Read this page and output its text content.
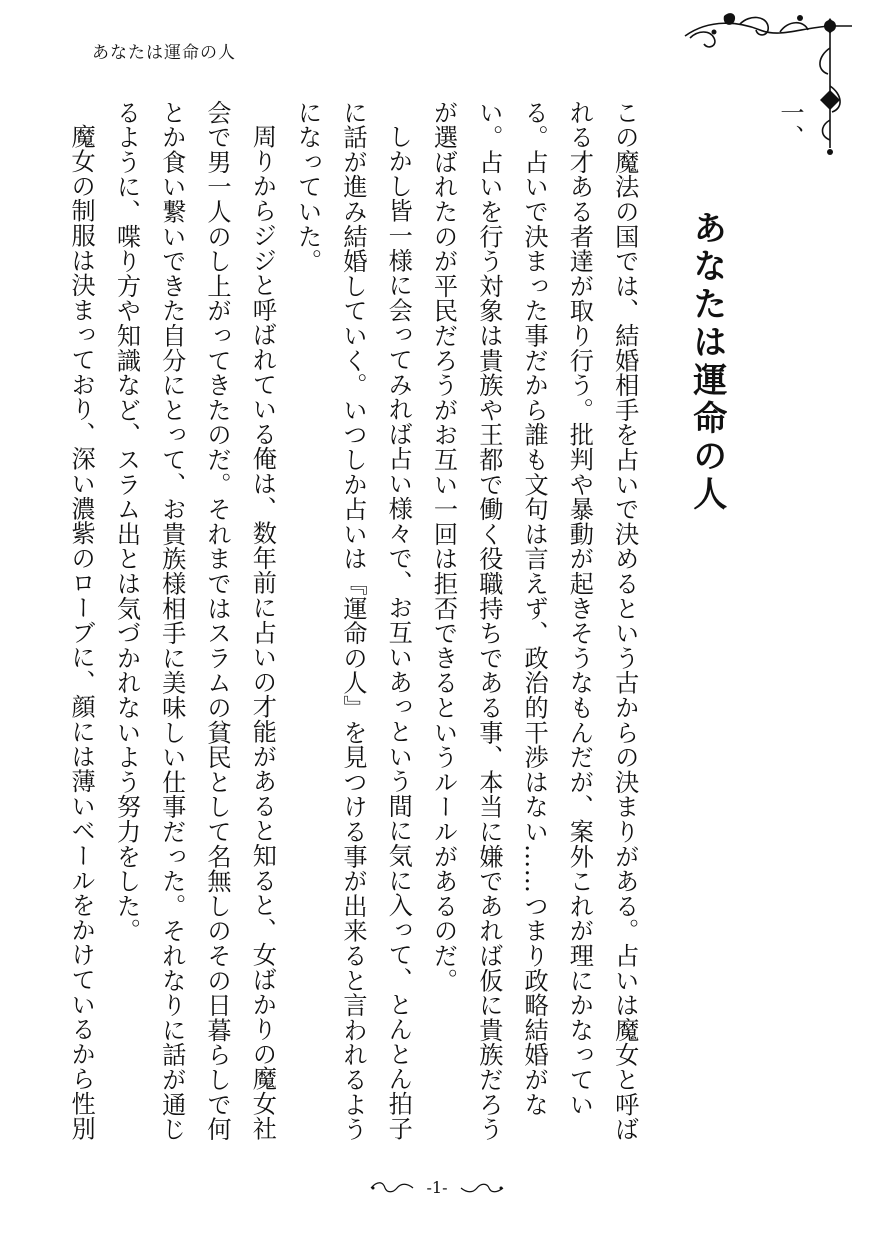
あなたは運命の人
一、
あなたは運命の人
この魔法の国では、結婚相手を占いで決めるという古からの決まりがある。占いは魔女と呼ばれる才ある者達が取り行う。批判や暴動が起きそうなもんだが、案外これが理にかなっている。占いで決まった事だから誰も文句は言えず、政治的干渉はない……つまり政略結婚がない。占いを行う対象は貴族や王都で働く役職持ちである事、本当に嫌であれば仮に貴族だろうが選ばれたのが平民だろうがお互い一回は拒否できるというルールがあるのだ。
しかし皆一様に会ってみれば占い様々で、お互いあっという間に気に入って、とんとん拍子に話が進み結婚していく。いつしか占いは『運命の人』を見つける事が出来ると言われるようになっていた。
周りからジジと呼ばれている俺は、数年前に占いの才能があると知ると、女ばかりの魔女社会で男一人のし上がってきたのだ。それまではスラムの貧民として名無しのその日暮らしで何とか食い繋いできた自分にとって、お貴族様相手に美味しい仕事だった。それなりに話が通じるように、喋り方や知識など、スラム出とは気づかれないよう努力をした。
魔女の制服は決まっており、深い濃紫のローブに、顔には薄いベールをかけているから性別
-1-
